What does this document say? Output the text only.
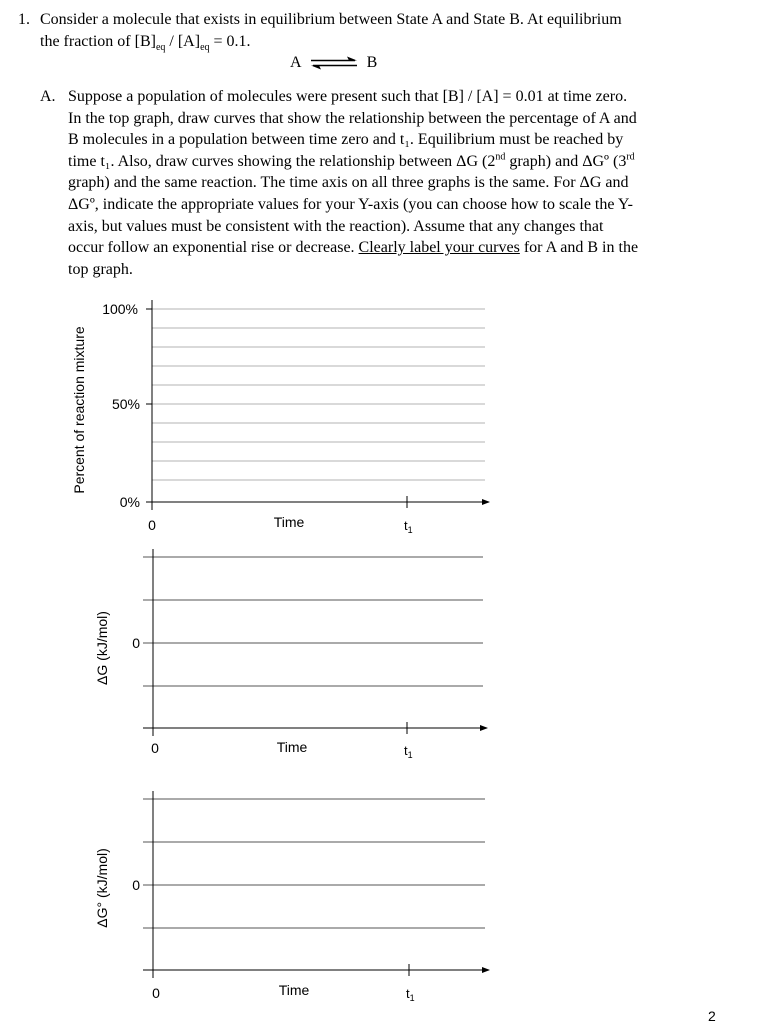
1. Consider a molecule that exists in equilibrium between State A and State B. At equilibrium
the fraction of $[B]_{eq} / [A]_{eq} = 0.1$.
A ⇌ B
A. Suppose a population of molecules were present such that [B] / [A] = 0.01 at time zero.
In the top graph, draw curves that show the relationship between the percentage of A and
B molecules in a population between time zero and t₁. Equilibrium must be reached by
time t₁. Also, draw curves showing the relationship between ΔG (2nd graph) and ΔGº (3rd
graph) and the same reaction. The time axis on all three graphs is the same. For ΔG and
ΔGº, indicate the appropriate values for your Y-axis (you can choose how to scale the Y-
axis, but values must be consistent with the reaction). Assume that any changes that
occur follow an exponential rise or decrease. Clearly label your curves for A and B in the
top graph.
100%
50%
0%
0	Time	$t_1$
Percent of reaction mixture
0
0	Time	$t_1$
ΔG (kJ/mol)
0
0	Time	$t_1$
ΔG° (kJ/mol)
2
